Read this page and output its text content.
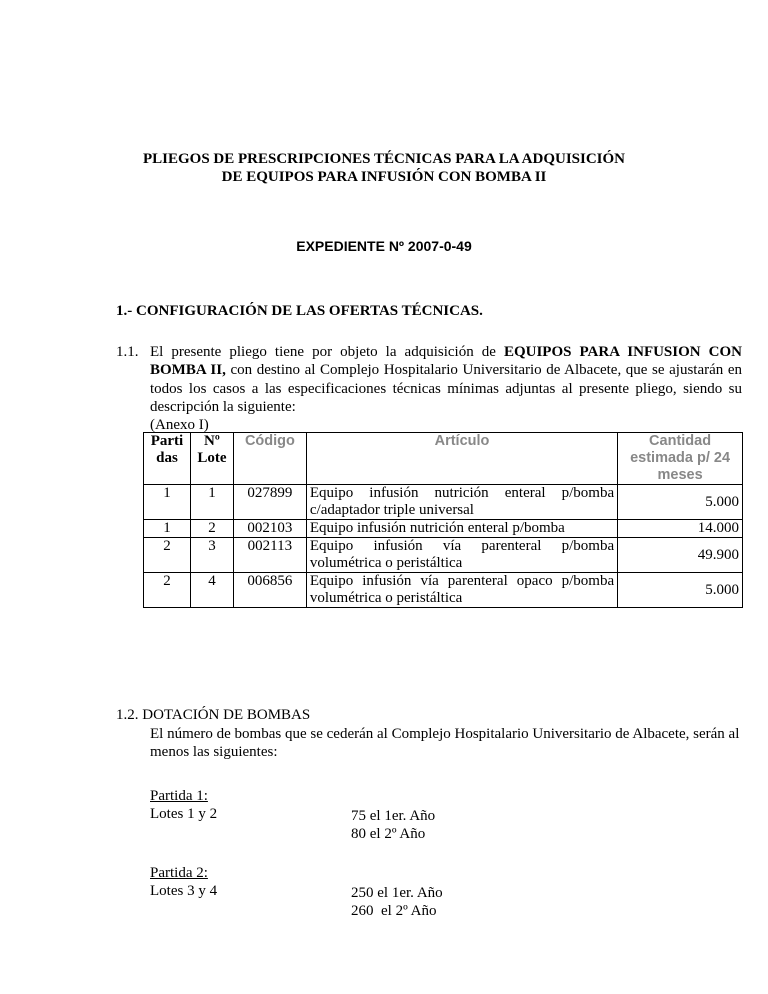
PLIEGOS DE PRESCRIPCIONES TÉCNICAS PARA LA ADQUISICIÓN
DE EQUIPOS PARA INFUSIÓN CON BOMBA II
EXPEDIENTE Nº 2007-0-49
1.- CONFIGURACIÓN DE LAS OFERTAS TÉCNICAS.
1.1. El presente pliego tiene por objeto la adquisición de EQUIPOS PARA INFUSION CON BOMBA II, con destino al Complejo Hospitalario Universitario de Albacete, que se ajustarán en todos los casos a las especificaciones técnicas mínimas adjuntas al presente pliego, siendo su descripción la siguiente:
(Anexo I)
Parti das	Nº Lote	Código	Artículo	Cantidad estimada p/ 24 meses
1	1	027899	Equipo infusión nutrición enteral p/bomba c/adaptador triple universal	5.000
1	2	002103	Equipo infusión nutrición enteral p/bomba	14.000
2	3	002113	Equipo infusión vía parenteral p/bomba volumétrica o peristáltica	49.900
2	4	006856	Equipo infusión vía parenteral opaco p/bomba volumétrica o peristáltica	5.000
1.2. DOTACIÓN DE BOMBAS
El número de bombas que se cederán al Complejo Hospitalario Universitario de Albacete, serán al menos las siguientes:
Partida 1:
Lotes 1 y 2	75 el 1er. Año
80 el 2º Año
Partida 2:
Lotes 3 y 4	250 el 1er. Año
260  el 2º Año
